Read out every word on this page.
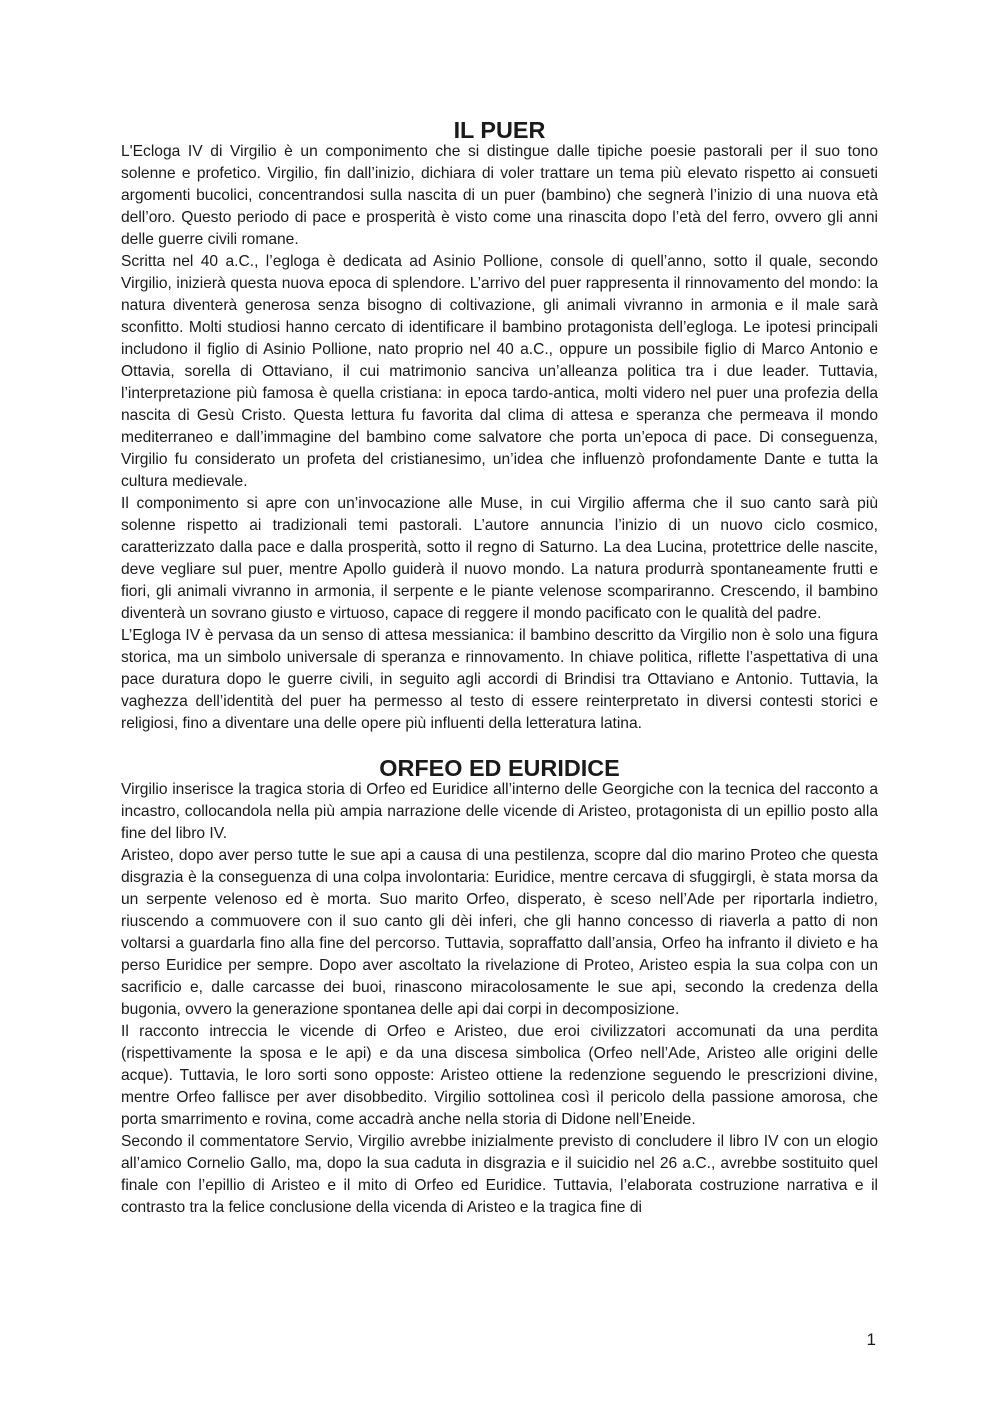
IL PUER

L'Ecloga IV di Virgilio è un componimento che si distingue dalle tipiche poesie pastorali per il suo tono solenne e profetico. Virgilio, fin dall’inizio, dichiara di voler trattare un tema più elevato rispetto ai consueti argomenti bucolici, concentrandosi sulla nascita di un puer (bambino) che segnerà l’inizio di una nuova età dell’oro. Questo periodo di pace e prosperità è visto come una rinascita dopo l’età del ferro, ovvero gli anni delle guerre civili romane.

Scritta nel 40 a.C., l’egloga è dedicata ad Asinio Pollione, console di quell’anno, sotto il quale, secondo Virgilio, inizierà questa nuova epoca di splendore. L’arrivo del puer rappresenta il rinnovamento del mondo: la natura diventerà generosa senza bisogno di coltivazione, gli animali vivranno in armonia e il male sarà sconfitto. Molti studiosi hanno cercato di identificare il bambino protagonista dell’egloga. Le ipotesi principali includono il figlio di Asinio Pollione, nato proprio nel 40 a.C., oppure un possibile figlio di Marco Antonio e Ottavia, sorella di Ottaviano, il cui matrimonio sanciva un’alleanza politica tra i due leader. Tuttavia, l’interpretazione più famosa è quella cristiana: in epoca tardo-antica, molti videro nel puer una profezia della nascita di Gesù Cristo. Questa lettura fu favorita dal clima di attesa e speranza che permeava il mondo mediterraneo e dall’immagine del bambino come salvatore che porta un’epoca di pace. Di conseguenza, Virgilio fu considerato un profeta del cristianesimo, un’idea che influenzò profondamente Dante e tutta la cultura medievale.

Il componimento si apre con un’invocazione alle Muse, in cui Virgilio afferma che il suo canto sarà più solenne rispetto ai tradizionali temi pastorali. L’autore annuncia l’inizio di un nuovo ciclo cosmico, caratterizzato dalla pace e dalla prosperità, sotto il regno di Saturno. La dea Lucina, protettrice delle nascite, deve vegliare sul puer, mentre Apollo guiderà il nuovo mondo. La natura produrrà spontaneamente frutti e fiori, gli animali vivranno in armonia, il serpente e le piante velenose scompariranno. Crescendo, il bambino diventerà un sovrano giusto e virtuoso, capace di reggere il mondo pacificato con le qualità del padre.

L’Egloga IV è pervasa da un senso di attesa messianica: il bambino descritto da Virgilio non è solo una figura storica, ma un simbolo universale di speranza e rinnovamento. In chiave politica, riflette l’aspettativa di una pace duratura dopo le guerre civili, in seguito agli accordi di Brindisi tra Ottaviano e Antonio. Tuttavia, la vaghezza dell’identità del puer ha permesso al testo di essere reinterpretato in diversi contesti storici e religiosi, fino a diventare una delle opere più influenti della letteratura latina.

ORFEO ED EURIDICE

Virgilio inserisce la tragica storia di Orfeo ed Euridice all’interno delle Georgiche con la tecnica del racconto a incastro, collocandola nella più ampia narrazione delle vicende di Aristeo, protagonista di un epillio posto alla fine del libro IV.

Aristeo, dopo aver perso tutte le sue api a causa di una pestilenza, scopre dal dio marino Proteo che questa disgrazia è la conseguenza di una colpa involontaria: Euridice, mentre cercava di sfuggirgli, è stata morsa da un serpente velenoso ed è morta. Suo marito Orfeo, disperato, è sceso nell’Ade per riportarla indietro, riuscendo a commuovere con il suo canto gli dèi inferi, che gli hanno concesso di riaverla a patto di non voltarsi a guardarla fino alla fine del percorso. Tuttavia, sopraffatto dall’ansia, Orfeo ha infranto il divieto e ha perso Euridice per sempre. Dopo aver ascoltato la rivelazione di Proteo, Aristeo espia la sua colpa con un sacrificio e, dalle carcasse dei buoi, rinascono miracolosamente le sue api, secondo la credenza della bugonia, ovvero la generazione spontanea delle api dai corpi in decomposizione.

Il racconto intreccia le vicende di Orfeo e Aristeo, due eroi civilizzatori accomunati da una perdita (rispettivamente la sposa e le api) e da una discesa simbolica (Orfeo nell’Ade, Aristeo alle origini delle acque). Tuttavia, le loro sorti sono opposte: Aristeo ottiene la redenzione seguendo le prescrizioni divine, mentre Orfeo fallisce per aver disobbedito. Virgilio sottolinea così il pericolo della passione amorosa, che porta smarrimento e rovina, come accadrà anche nella storia di Didone nell’Eneide.

Secondo il commentatore Servio, Virgilio avrebbe inizialmente previsto di concludere il libro IV con un elogio all’amico Cornelio Gallo, ma, dopo la sua caduta in disgrazia e il suicidio nel 26 a.C., avrebbe sostituito quel finale con l’epillio di Aristeo e il mito di Orfeo ed Euridice. Tuttavia, l’elaborata costruzione narrativa e il contrasto tra la felice conclusione della vicenda di Aristeo e la tragica fine di

1
